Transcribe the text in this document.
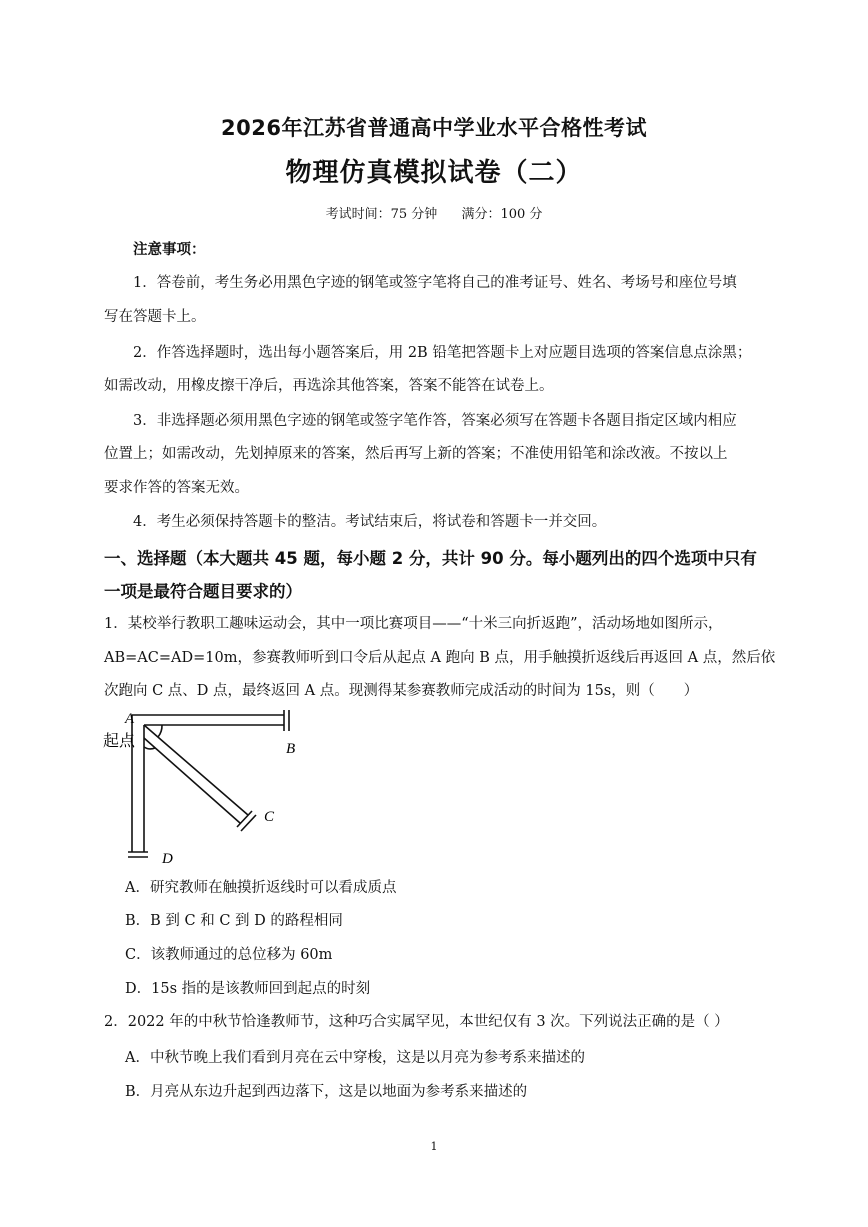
2026年江苏省普通高中学业水平合格性考试
物理仿真模拟试卷（二）
考试时间：75 分钟 满分：100 分
注意事项：
1．答卷前，考生务必用黑色字迹的钢笔或签字笔将自己的准考证号、姓名、考场号和座位号填
写在答题卡上。
2．作答选择题时，选出每小题答案后，用 2B 铅笔把答题卡上对应题目选项的答案信息点涂黑；
如需改动，用橡皮擦干净后，再选涂其他答案，答案不能答在试卷上。
3．非选择题必须用黑色字迹的钢笔或签字笔作答，答案必须写在答题卡各题目指定区域内相应
位置上；如需改动，先划掉原来的答案，然后再写上新的答案；不准使用铅笔和涂改液。不按以上
要求作答的答案无效。
4．考生必须保持答题卡的整洁。考试结束后，将试卷和答题卡一并交回。
一、选择题（本大题共 45 题，每小题 2 分，共计 90 分。每小题列出的四个选项中只有
一项是最符合题目要求的）
1．某校举行教职工趣味运动会，其中一项比赛项目——“十米三向折返跑”，活动场地如图所示，
AB=AC=AD=10m，参赛教师听到口令后从起点 A 跑向 B 点，用手触摸折返线后再返回 A 点，然后依
次跑向 C 点、D 点，最终返回 A 点。现测得某参赛教师完成活动的时间为 15s，则（　　）
A
起点	B
C
D
A．研究教师在触摸折返线时可以看成质点
B．B 到 C 和 C 到 D 的路程相同
C．该教师通过的总位移为 60m
D．15s 指的是该教师回到起点的时刻
2．2022 年的中秋节恰逢教师节，这种巧合实属罕见，本世纪仅有 3 次。下列说法正确的是（ ）
A．中秋节晚上我们看到月亮在云中穿梭，这是以月亮为参考系来描述的
B．月亮从东边升起到西边落下，这是以地面为参考系来描述的
1
